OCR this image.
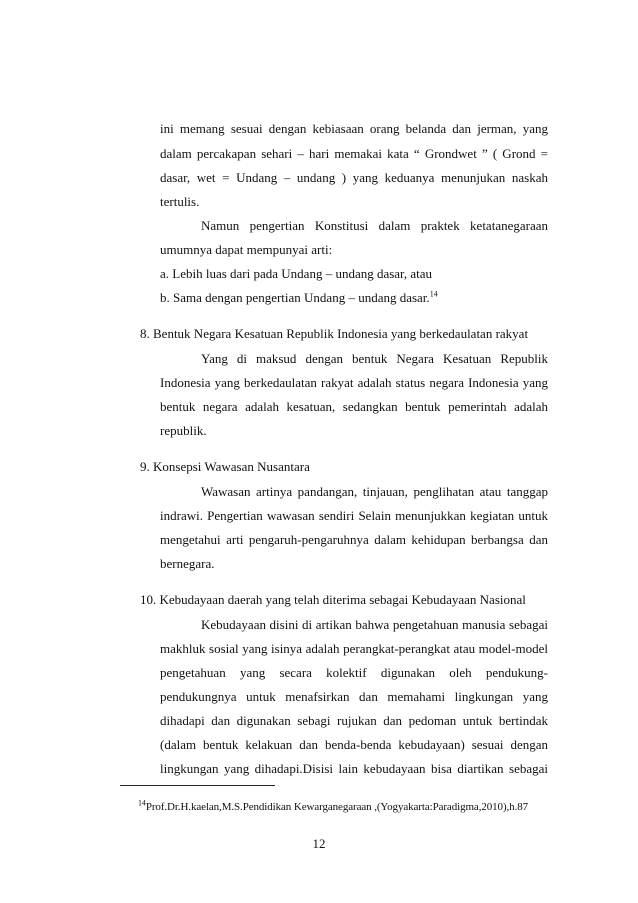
ini memang sesuai dengan kebiasaan orang belanda dan jerman, yang
dalam percakapan sehari – hari memakai kata “ Grondwet ” ( Grond =
dasar, wet = Undang – undang ) yang keduanya menunjukan naskah
tertulis.
Namun pengertian Konstitusi dalam praktek ketatanegaraan
umumnya dapat mempunyai arti:
a. Lebih luas dari pada Undang – undang dasar, atau
b. Sama dengan pengertian Undang – undang dasar.$^{14}$
8. Bentuk Negara Kesatuan Republik Indonesia yang berkedaulatan rakyat
Yang di maksud dengan bentuk Negara Kesatuan Republik
Indonesia yang berkedaulatan rakyat adalah status negara Indonesia yang
bentuk negara adalah kesatuan, sedangkan bentuk pemerintah adalah
republik.
9. Konsepsi Wawasan Nusantara
Wawasan artinya pandangan, tinjauan, penglihatan atau tanggap
indrawi. Pengertian wawasan sendiri Selain menunjukkan kegiatan untuk
mengetahui arti pengaruh-pengaruhnya dalam kehidupan berbangsa dan
bernegara.
10. Kebudayaan daerah yang telah diterima sebagai Kebudayaan Nasional
Kebudayaan disini di artikan bahwa pengetahuan manusia sebagai
makhluk sosial yang isinya adalah perangkat-perangkat atau model-model
pengetahuan yang secara kolektif digunakan oleh pendukung-
pendukungnya untuk menafsirkan dan memahami lingkungan yang
dihadapi dan digunakan sebagi rujukan dan pedoman untuk bertindak
(dalam bentuk kelakuan dan benda-benda kebudayaan) sesuai dengan
lingkungan yang dihadapi.Disisi lain kebudayaan bisa diartikan sebagai
$^{14}$Prof.Dr.H.kaelan,M.S.Pendidikan Kewarganegaraan ,(Yogyakarta:Paradigma,2010),h.87
12
